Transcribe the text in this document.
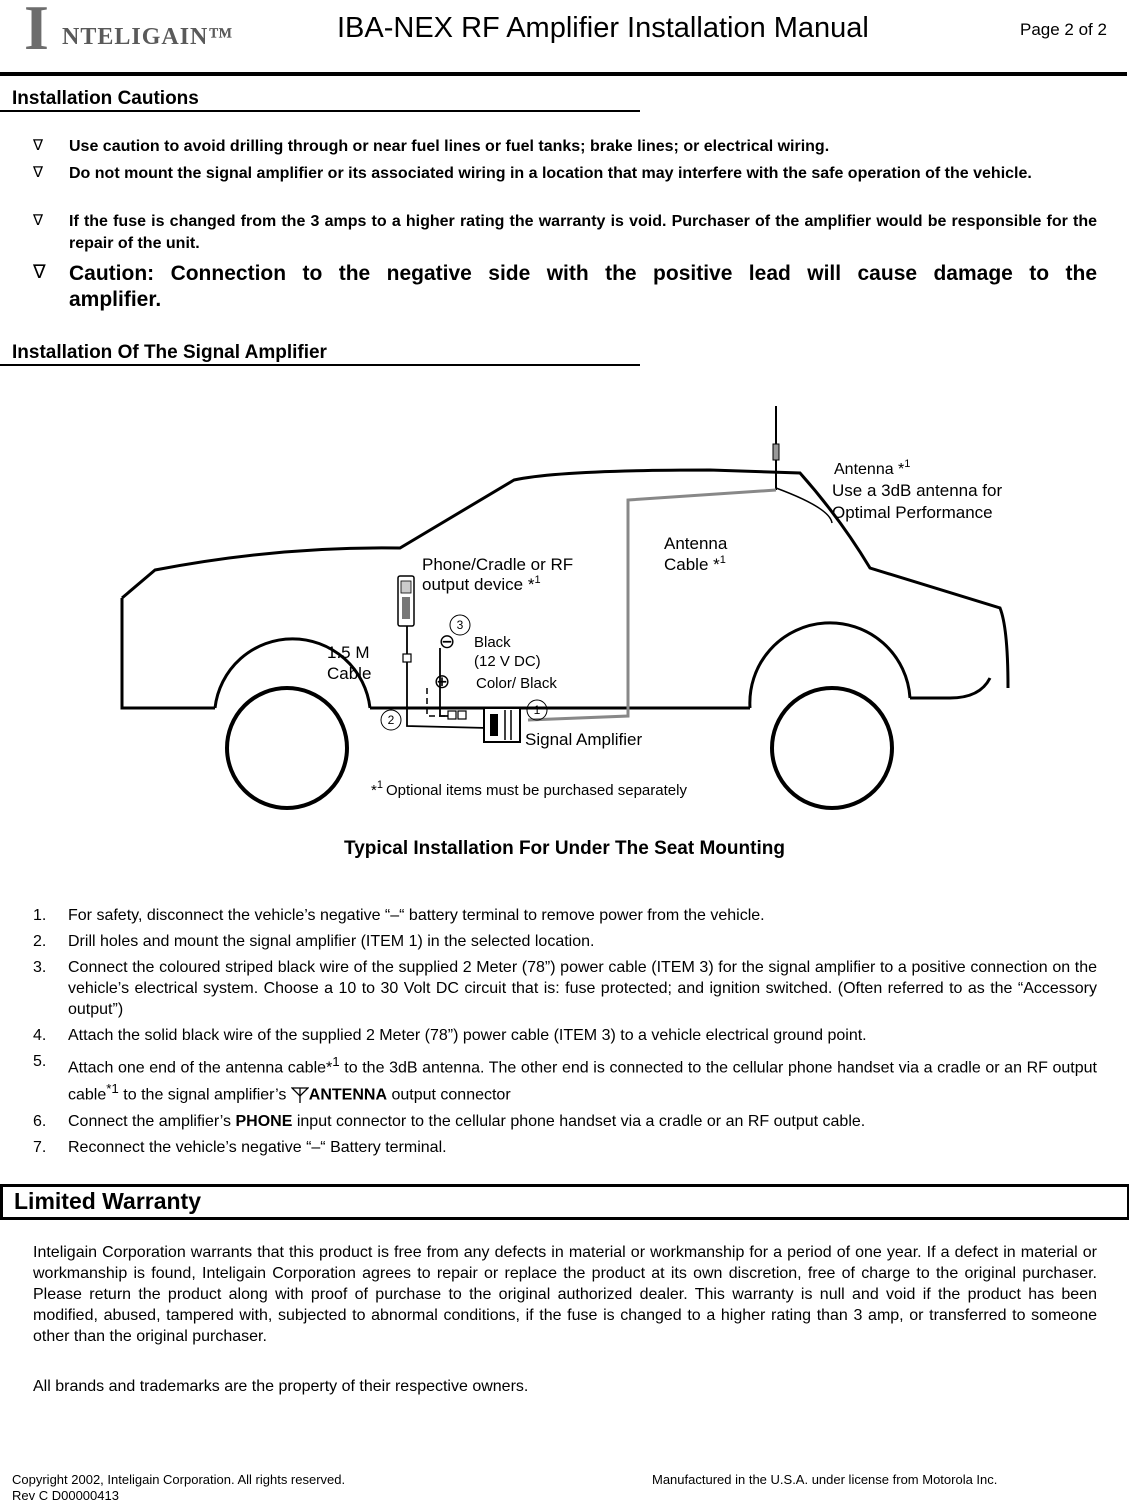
I NTELIGAIN™	IBA-NEX RF Amplifier Installation Manual	Page 2 of 2
Installation Cautions
∇ Use caution to avoid drilling through or near fuel lines or fuel tanks; brake lines; or electrical wiring.
∇ Do not mount the signal amplifier or its associated wiring in a location that may interfere with the safe operation of the vehicle.
∇ If the fuse is changed from the 3 amps to a higher rating the warranty is void. Purchaser of the amplifier would be responsible for the repair of the unit.
∇ Caution: Connection to the negative side with the positive lead will cause damage to the amplifier.
Installation Of The Signal Amplifier
3
2
1
⊖
⊕
Antenna *$^1$
Use a 3dB antenna for
Optimal Performance
Antenna
Cable *$^1$
Phone/Cradle or RF
output device *$^1$
1.5 M
Cable
Black
(12 V DC)
Color/ Black
Signal Amplifier
*$^1$ Optional items must be purchased separately
Typical Installation For Under The Seat Mounting
1. For safety, disconnect the vehicle’s negative “–“ battery terminal to remove power from the vehicle.
2. Drill holes and mount the signal amplifier (ITEM 1) in the selected location.
3. Connect the coloured striped black wire of the supplied 2 Meter (78”) power cable (ITEM 3) for the signal amplifier to a positive connection on the vehicle’s electrical system. Choose a 10 to 30 Volt DC circuit that is: fuse protected; and ignition switched. (Often referred to as the “Accessory output”)
4. Attach the solid black wire of the supplied 2 Meter (78”) power cable (ITEM 3) to a vehicle electrical ground point.
5. Attach one end of the antenna cable*$^1$ to the 3dB antenna. The other end is connected to the cellular phone handset via a cradle or an RF output cable$^{*1}$ to the signal amplifier’s ANTENNA output connector
6. Connect the amplifier’s PHONE input connector to the cellular phone handset via a cradle or an RF output cable.
7. Reconnect the vehicle’s negative “–“ Battery terminal.
Limited Warranty
Inteligain Corporation warrants that this product is free from any defects in material or workmanship for a period of one year. If a defect in material or workmanship is found, Inteligain Corporation agrees to repair or replace the product at its own discretion, free of charge to the original purchaser. Please return the product along with proof of purchase to the original authorized dealer. This warranty is null and void if the product has been modified, abused, tampered with, subjected to abnormal conditions, if the fuse is changed to a higher rating than 3 amp, or transferred to someone other than the original purchaser.
All brands and trademarks are the property of their respective owners.
Copyright 2002, Inteligain Corporation. All rights reserved.
Rev C D00000413
Manufactured in the U.S.A. under license from Motorola Inc.
